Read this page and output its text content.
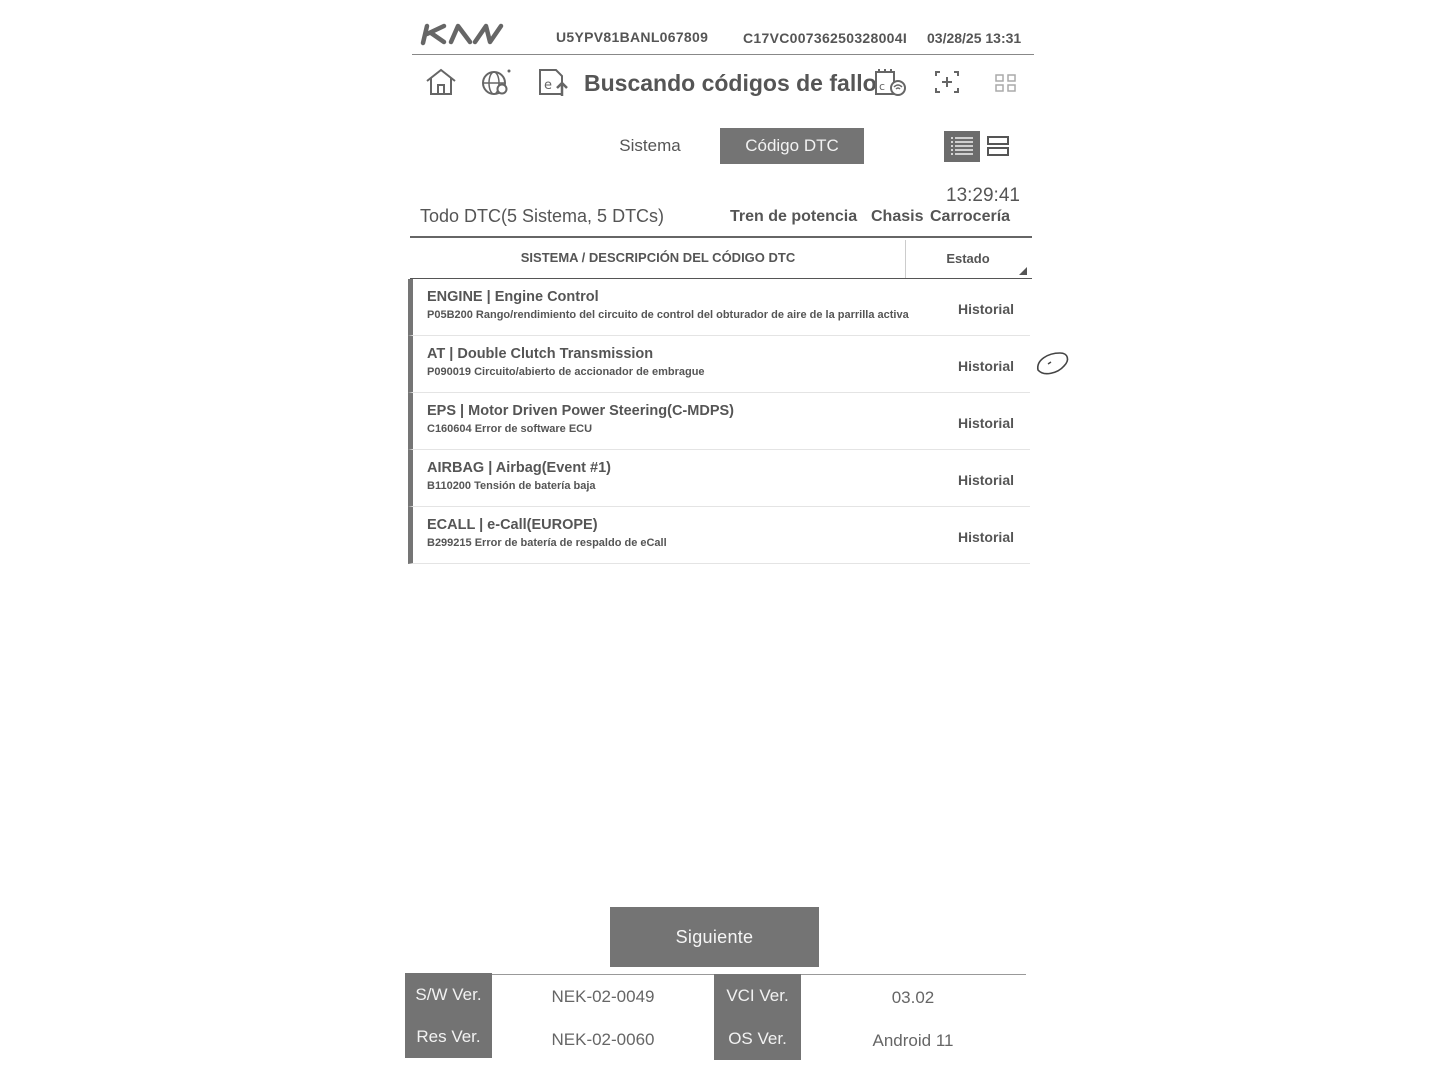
U5YPV81BANL067809 C17VC00736250328004I 03/28/25 13:31
e Buscando códigos de fallo c
Sistema	Código DTC
13:29:41
Todo DTC(5 Sistema, 5 DTCs)	Tren de potencia Chasis Carrocería
SISTEMA / DESCRIPCIÓN DEL CÓDIGO DTC	Estado
ENGINE | Engine Control
P05B200 Rango/rendimiento del circuito de control del obturador de aire de la parrilla activa	Historial
AT | Double Clutch Transmission
P090019 Circuito/abierto de accionador de embrague	Historial
EPS | Motor Driven Power Steering(C-MDPS)
C160604 Error de software ECU	Historial
AIRBAG | Airbag(Event #1)
B110200 Tensión de batería baja	Historial
ECALL | e-Call(EUROPE)
B299215 Error de batería de respaldo de eCall	Historial
Siguiente
S/W Ver.	NEK-02-0049	VCI Ver.	03.02
Res Ver.	NEK-02-0060	OS Ver.	Android 11
